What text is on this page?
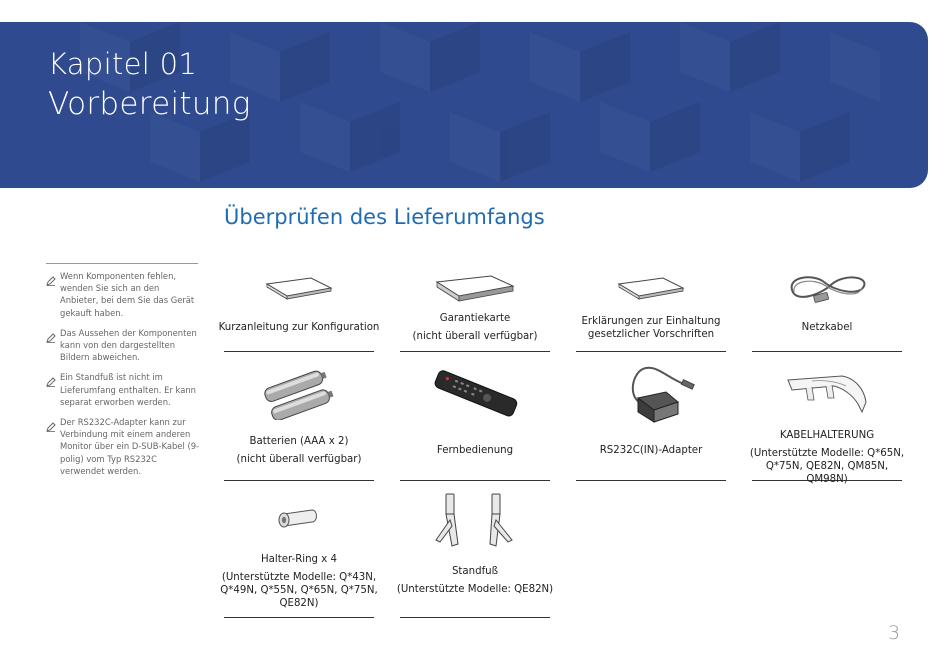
Kapitel 01
Vorbereitung
Überprüfen des Lieferumfangs
Wenn Komponenten fehlen, wenden Sie sich an den Anbieter, bei dem Sie das Gerät gekauft haben.
Das Aussehen der Komponenten kann von den dargestellten Bildern abweichen.
Ein Standfuß ist nicht im Lieferumfang enthalten. Er kann separat erworben werden.
Der RS232C-Adapter kann zur Verbindung mit einem anderen Monitor über ein D-SUB-Kabel (9-polig) vom Typ RS232C verwendet werden.
Kurzanleitung zur Konfiguration
Garantiekarte
(nicht überall verfügbar)
Erklärungen zur Einhaltung
gesetzlicher Vorschriften
Netzkabel
Batterien (AAA x 2)
(nicht überall verfügbar)
Fernbedienung	RS232C(IN)-Adapter
KABELHALTERUNG
(Unterstützte Modelle: Q*65N,
Q*75N, QE82N, QM85N, QM98N)
Halter-Ring x 4
(Unterstützte Modelle: Q*43N,
Q*49N, Q*55N, Q*65N, Q*75N,
QE82N)
Standfuß
(Unterstützte Modelle: QE82N)
3
